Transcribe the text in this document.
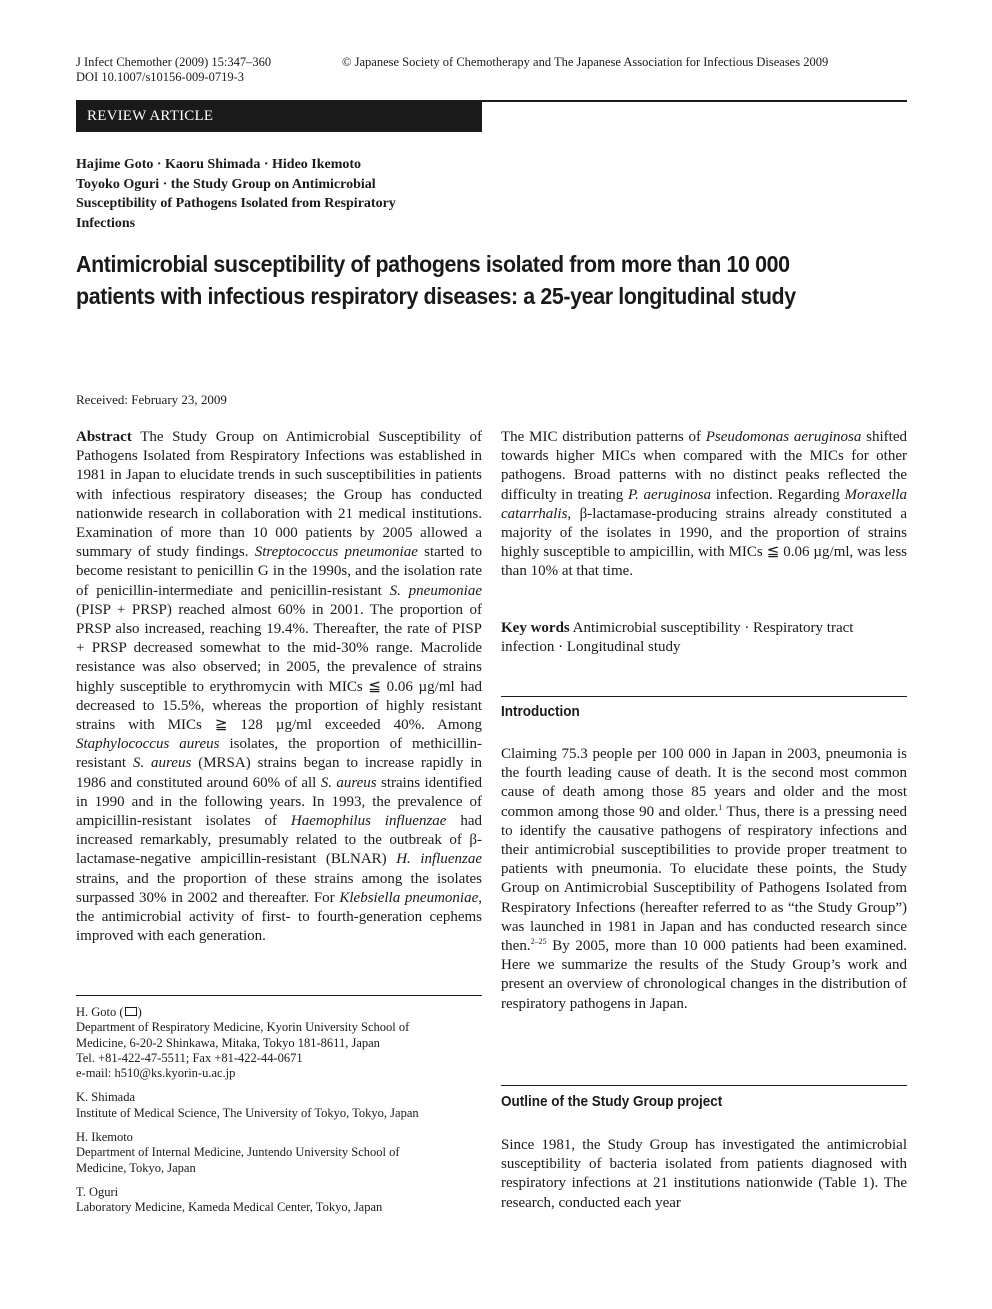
J Infect Chemother (2009) 15:347–360
DOI 10.1007/s10156-009-0719-3
© Japanese Society of Chemotherapy and The Japanese Association for Infectious Diseases 2009
REVIEW ARTICLE
Hajime Goto · Kaoru Shimada · Hideo Ikemoto
Toyoko Oguri · the Study Group on Antimicrobial
Susceptibility of Pathogens Isolated from Respiratory
Infections
Antimicrobial susceptibility of pathogens isolated from more than 10 000
patients with infectious respiratory diseases: a 25-year longitudinal study
Received: February 23, 2009
Abstract The Study Group on Antimicrobial Susceptibility of Pathogens Isolated from Respiratory Infections was established in 1981 in Japan to elucidate trends in such susceptibilities in patients with infectious respiratory diseases; the Group has conducted nationwide research in collaboration with 21 medical institutions. Examination of more than 10 000 patients by 2005 allowed a summary of study findings. Streptococcus pneumoniae started to become resistant to penicillin G in the 1990s, and the isolation rate of penicillin-intermediate and penicillin-resistant S. pneumoniae (PISP + PRSP) reached almost 60% in 2001. The proportion of PRSP also increased, reaching 19.4%. Thereafter, the rate of PISP + PRSP decreased somewhat to the mid-30% range. Macrolide resistance was also observed; in 2005, the prevalence of strains highly susceptible to erythromycin with MICs ≦ 0.06 µg/ml had decreased to 15.5%, whereas the proportion of highly resistant strains with MICs ≧ 128 µg/ml exceeded 40%. Among Staphylococcus aureus isolates, the proportion of methicillin-resistant S. aureus (MRSA) strains began to increase rapidly in 1986 and constituted around 60% of all S. aureus strains identified in 1990 and in the following years. In 1993, the prevalence of ampicillin-resistant isolates of Haemophilus influenzae had increased remarkably, presumably related to the outbreak of β-lactamase-negative ampicillin-resistant (BLNAR) H. influenzae strains, and the proportion of these strains among the isolates surpassed 30% in 2002 and thereafter. For Klebsiella pneumoniae, the antimicrobial activity of first- to fourth-generation cephems improved with each generation.
H. Goto ( )
Department of Respiratory Medicine, Kyorin University School of
Medicine, 6-20-2 Shinkawa, Mitaka, Tokyo 181-8611, Japan
Tel. +81-422-47-5511; Fax +81-422-44-0671
e-mail: h510@ks.kyorin-u.ac.jp
K. Shimada
Institute of Medical Science, The University of Tokyo, Tokyo, Japan
H. Ikemoto
Department of Internal Medicine, Juntendo University School of
Medicine, Tokyo, Japan
T. Oguri
Laboratory Medicine, Kameda Medical Center, Tokyo, Japan
The MIC distribution patterns of Pseudomonas aeruginosa shifted towards higher MICs when compared with the MICs for other pathogens. Broad patterns with no distinct peaks reflected the difficulty in treating P. aeruginosa infection. Regarding Moraxella catarrhalis, β-lactamase-producing strains already constituted a majority of the isolates in 1990, and the proportion of strains highly susceptible to ampicillin, with MICs ≦ 0.06 µg/ml, was less than 10% at that time.
Key words Antimicrobial susceptibility · Respiratory tract infection · Longitudinal study
Introduction
Claiming 75.3 people per 100 000 in Japan in 2003, pneumonia is the fourth leading cause of death. It is the second most common cause of death among those 85 years and older and the most common among those 90 and older.$^1$ Thus, there is a pressing need to identify the causative pathogens of respiratory infections and their antimicrobial susceptibilities to provide proper treatment to patients with pneumonia. To elucidate these points, the Study Group on Antimicrobial Susceptibility of Pathogens Isolated from Respiratory Infections (hereafter referred to as “the Study Group”) was launched in 1981 in Japan and has conducted research since then.$^{2-25}$ By 2005, more than 10 000 patients had been examined. Here we summarize the results of the Study Group’s work and present an overview of chronological changes in the distribution of respiratory pathogens in Japan.
Outline of the Study Group project
Since 1981, the Study Group has investigated the antimicrobial susceptibility of bacteria isolated from patients diagnosed with respiratory infections at 21 institutions nationwide (Table 1). The research, conducted each year
